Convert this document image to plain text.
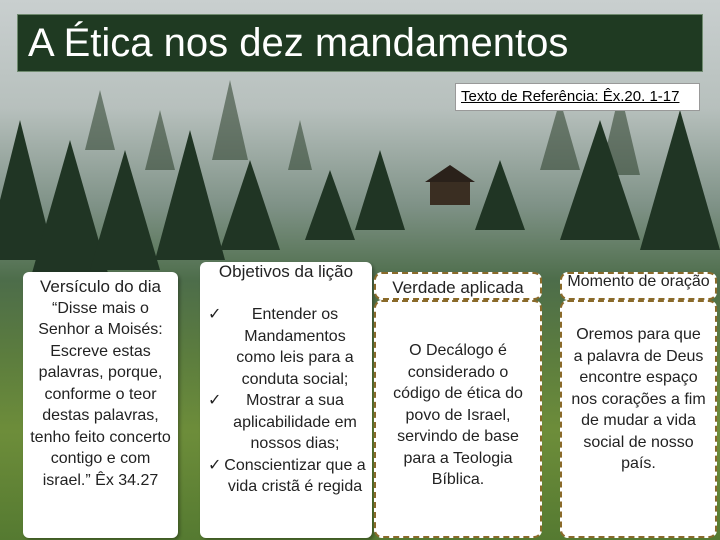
A Ética nos dez mandamentos
Texto de Referência: Êx.20. 1-17
Versículo do dia
“Disse mais o Senhor a Moisés: Escreve estas palavras, porque, conforme o teor destas palavras, tenho feito concerto contigo e com israel.” Êx 34.27
Objetivos da lição
✓ Entender os Mandamentos como leis para a conduta social;
✓ Mostrar a sua aplicabilidade em nossos dias;
✓ Conscientizar que a vida cristã é regida
Verdade aplicada
O Decálogo é considerado o código de ética do povo de Israel, servindo de base para a Teologia Bíblica.
Momento de oração
Oremos para que a palavra de Deus encontre espaço nos corações a fim de mudar a vida social de nosso país.
